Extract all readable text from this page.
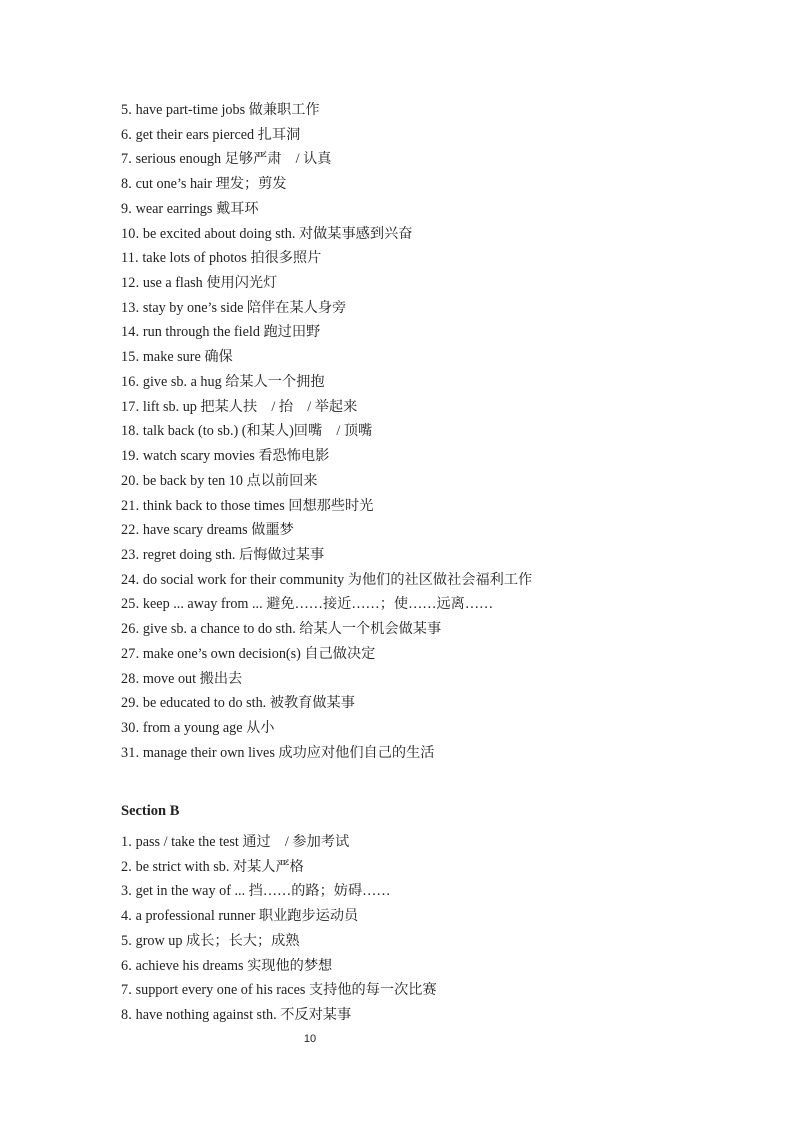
5. have part-time jobs 做兼职工作
6. get their ears pierced 扎耳洞
7. serious enough 足够严肃　/ 认真
8. cut one’s hair 理发；剪发
9. wear earrings 戴耳环
10. be excited about doing sth. 对做某事感到兴奋
11. take lots of photos 拍很多照片
12. use a flash 使用闪光灯
13. stay by one’s side 陪伴在某人身旁
14. run through the field 跑过田野
15. make sure 确保
16. give sb. a hug 给某人一个拥抱
17. lift sb. up 把某人扶　/ 抬　/ 举起来
18. talk back (to sb.) (和某人)回嘴　/ 顶嘴
19. watch scary movies 看恐怖电影
20. be back by ten 10 点以前回来
21. think back to those times 回想那些时光
22. have scary dreams 做噩梦
23. regret doing sth. 后悔做过某事
24. do social work for their community 为他们的社区做社会福利工作
25. keep ... away from ... 避免……接近……；使……远离……
26. give sb. a chance to do sth. 给某人一个机会做某事
27. make one’s own decision(s) 自己做决定
28. move out 搬出去
29. be educated to do sth. 被教育做某事
30. from a young age 从小
31. manage their own lives 成功应对他们自己的生活
Section B
1. pass / take the test 通过　/ 参加考试
2. be strict with sb. 对某人严格
3. get in the way of ... 挡……的路；妨碍……
4. a professional runner 职业跑步运动员
5. grow up 成长；长大；成熟
6. achieve his dreams 实现他的梦想
7. support every one of his races 支持他的每一次比赛
8. have nothing against sth. 不反对某事
10
